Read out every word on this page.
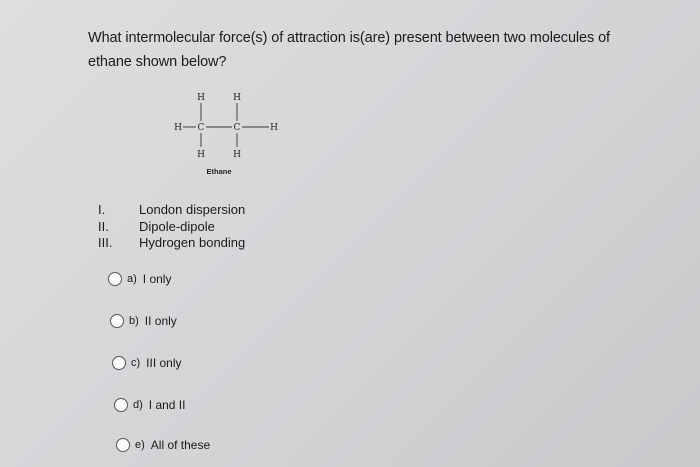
What intermolecular force(s) of attraction is(are) present between two molecules of
ethane shown below?
H	H
H C	C	H
H	H
Ethane
I.	London dispersion
II.	Dipole-dipole
III.	Hydrogen bonding
a) I only
b) II only
c) III only
d) I and II
e) All of these
